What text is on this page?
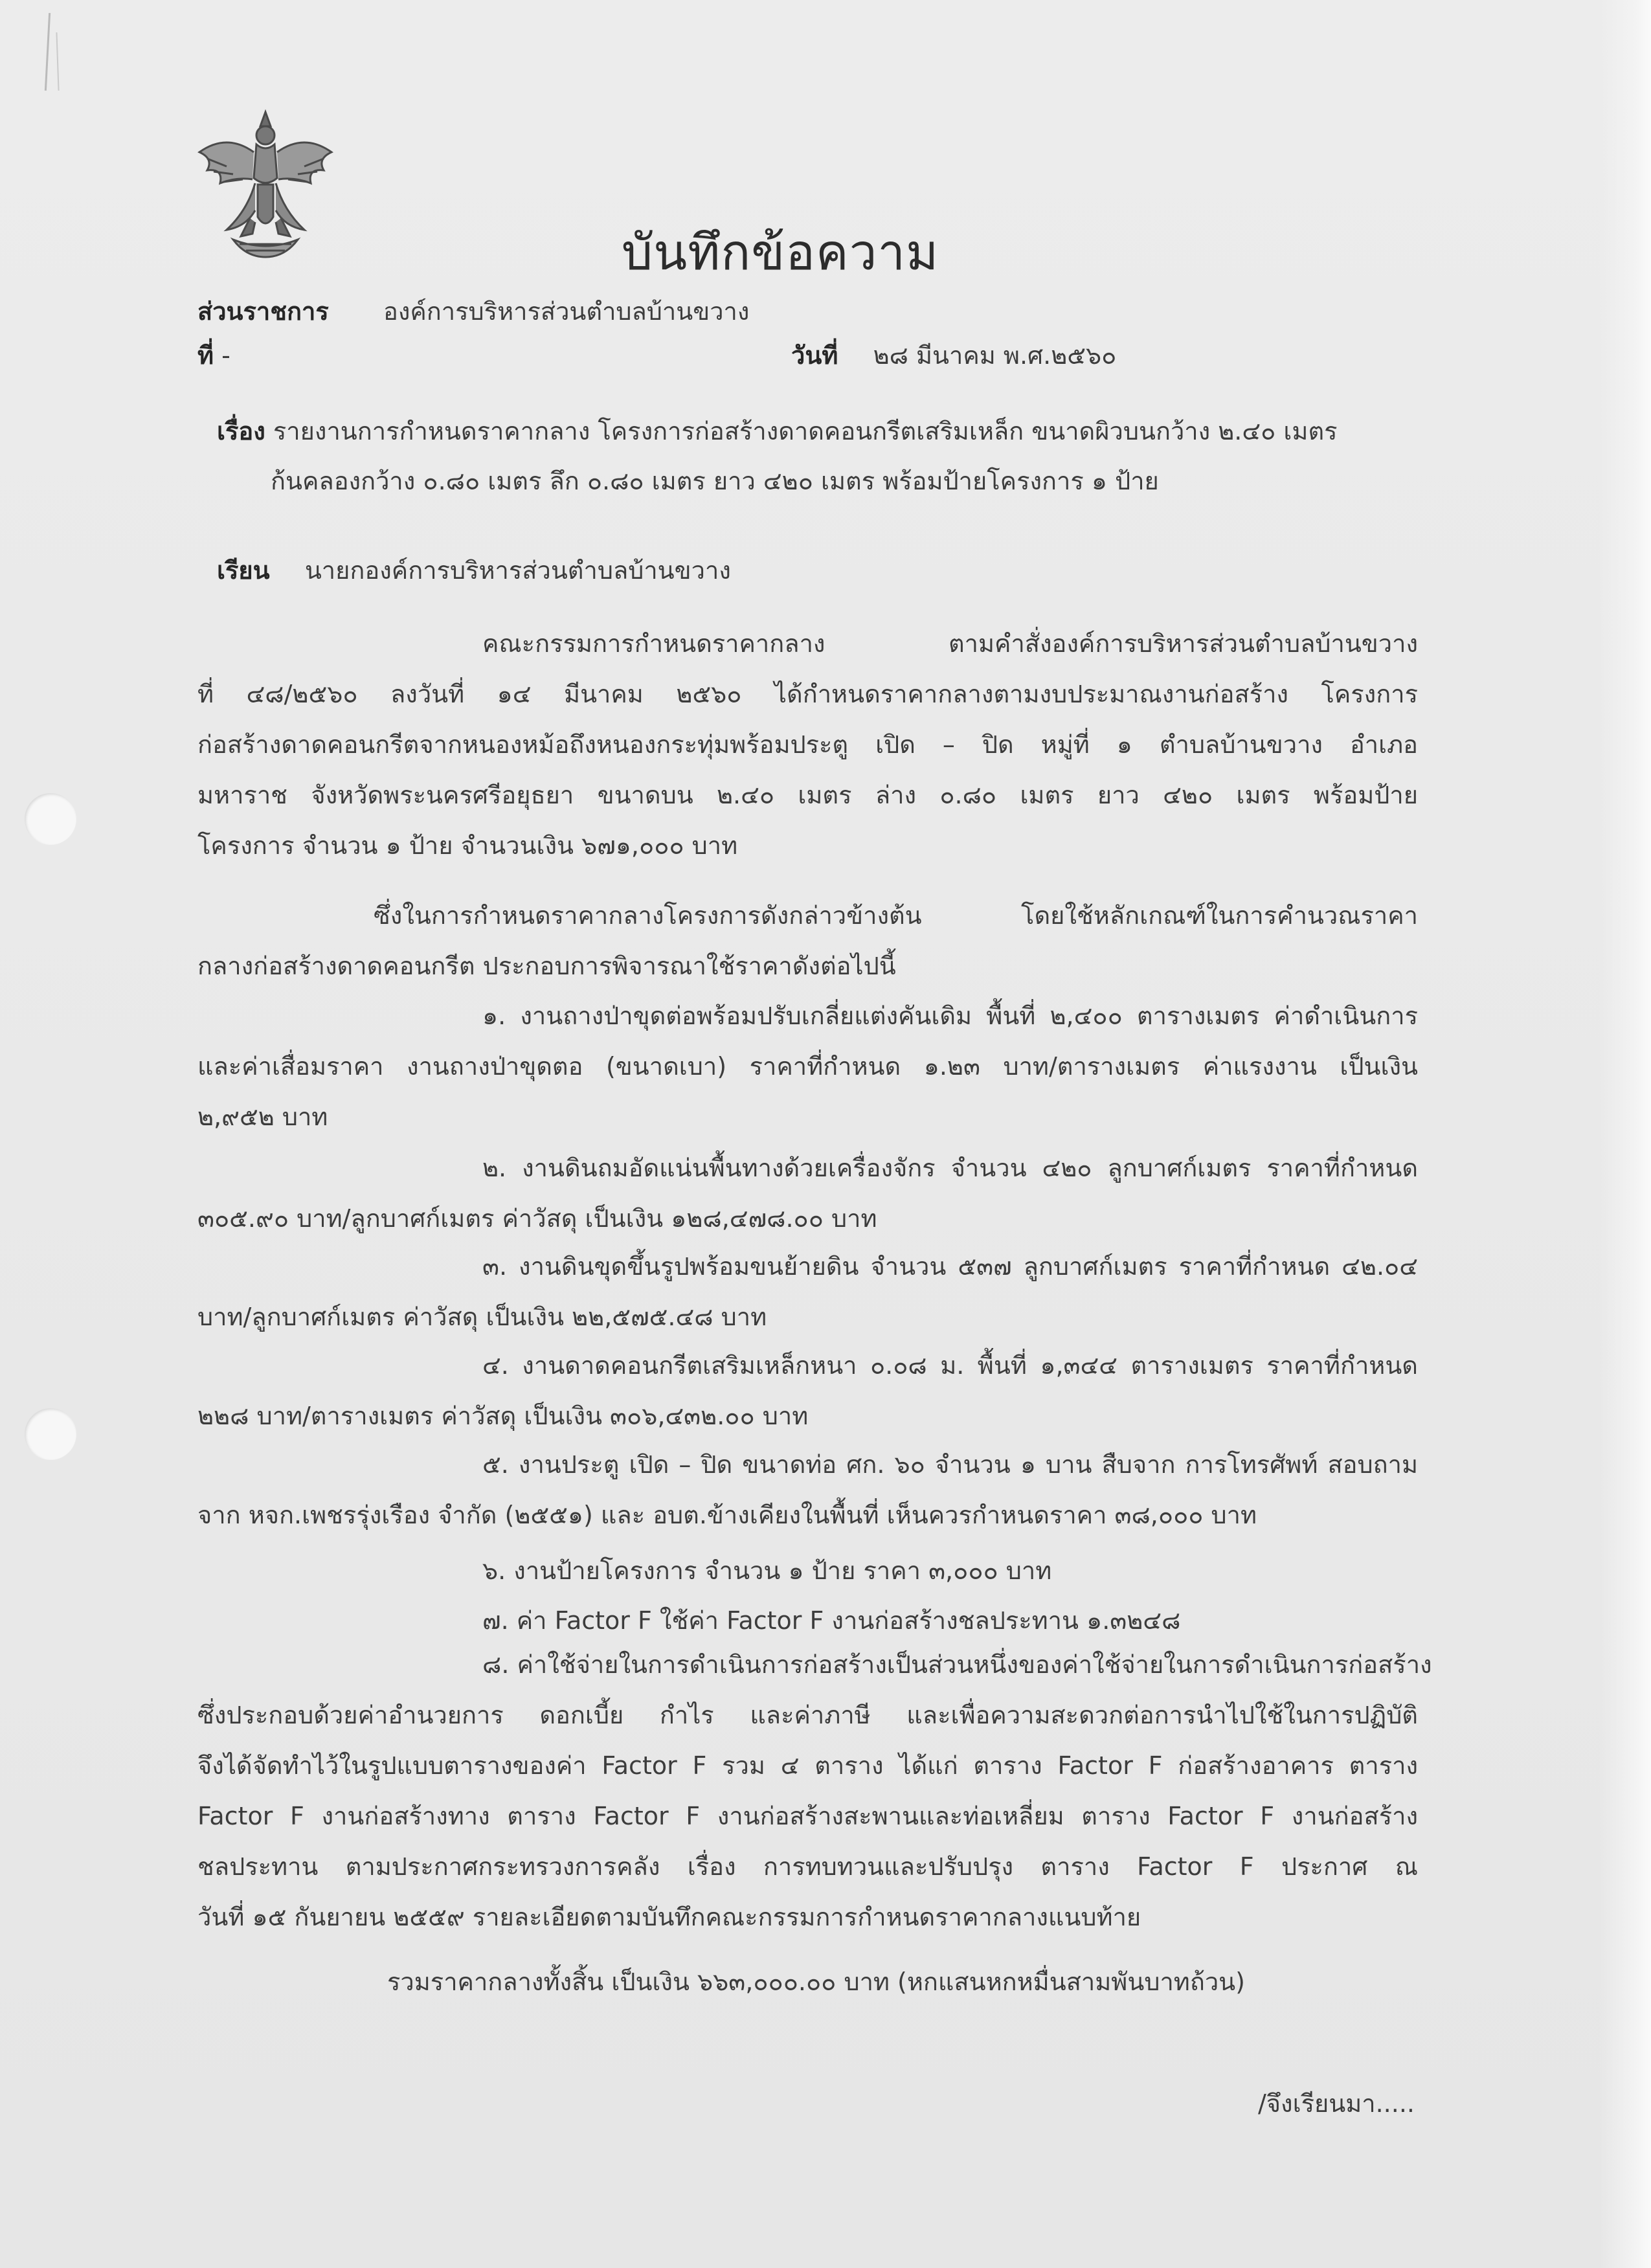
บันทึกข้อความ
ส่วนราชการ องค์การบริหารส่วนตำบลบ้านขวาง
ที่ -	วันที่ ๒๘ มีนาคม พ.ศ.๒๕๖๐
เรื่อง รายงานการกำหนดราคากลาง โครงการก่อสร้างดาดคอนกรีตเสริมเหล็ก ขนาดผิวบนกว้าง ๒.๔๐ เมตร
ก้นคลองกว้าง ๐.๘๐ เมตร ลึก ๐.๘๐ เมตร ยาว ๔๒๐ เมตร พร้อมป้ายโครงการ ๑ ป้าย
เรียน นายกองค์การบริหารส่วนตำบลบ้านขวาง

คณะกรรมการกำหนดราคากลาง ตามคำสั่งองค์การบริหารส่วนตำบลบ้านขวาง

ที่ ๔๘/๒๕๖๐ ลงวันที่ ๑๔ มีนาคม ๒๕๖๐ ได้กำหนดราคากลางตามงบประมาณงานก่อสร้าง โครงการ

ก่อสร้างดาดคอนกรีตจากหนองหม้อถึงหนองกระทุ่มพร้อมประตู เปิด – ปิด หมู่ที่ ๑ ตำบลบ้านขวาง อำเภอ

มหาราช จังหวัดพระนครศรีอยุธยา ขนาดบน ๒.๔๐ เมตร ล่าง ๐.๘๐ เมตร ยาว ๔๒๐ เมตร พร้อมป้าย

โครงการ จำนวน ๑ ป้าย จำนวนเงิน ๖๗๑,๐๐๐ บาท

ซึ่งในการกำหนดราคากลางโครงการดังกล่าวข้างต้น โดยใช้หลักเกณฑ์ในการคำนวณราคา

กลางก่อสร้างดาดคอนกรีต ประกอบการพิจารณาใช้ราคาดังต่อไปนี้

๑. งานถางป่าขุดต่อพร้อมปรับเกลี่ยแต่งคันเดิม พื้นที่ ๒,๔๐๐ ตารางเมตร ค่าดำเนินการ

และค่าเสื่อมราคา งานถางป่าขุดตอ (ขนาดเบา) ราคาที่กำหนด ๑.๒๓ บาท/ตารางเมตร ค่าแรงงาน เป็นเงิน

๒,๙๕๒ บาท

๒. งานดินถมอัดแน่นพื้นทางด้วยเครื่องจักร จำนวน ๔๒๐ ลูกบาศก์เมตร ราคาที่กำหนด

๓๐๕.๙๐ บาท/ลูกบาศก์เมตร ค่าวัสดุ เป็นเงิน ๑๒๘,๔๗๘.๐๐ บาท

๓. งานดินขุดขึ้นรูปพร้อมขนย้ายดิน จำนวน ๕๓๗ ลูกบาศก์เมตร ราคาที่กำหนด ๔๒.๐๔

บาท/ลูกบาศก์เมตร ค่าวัสดุ เป็นเงิน ๒๒,๕๗๕.๔๘ บาท

๔. งานดาดคอนกรีตเสริมเหล็กหนา ๐.๐๘ ม. พื้นที่ ๑,๓๔๔ ตารางเมตร ราคาที่กำหนด

๒๒๘ บาท/ตารางเมตร ค่าวัสดุ เป็นเงิน ๓๐๖,๔๓๒.๐๐ บาท

๕. งานประตู เปิด – ปิด ขนาดท่อ ศก. ๖๐ จำนวน ๑ บาน สืบจาก การโทรศัพท์ สอบถาม

จาก หจก.เพชรรุ่งเรือง จำกัด (๒๕๕๑) และ อบต.ข้างเคียงในพื้นที่ เห็นควรกำหนดราคา ๓๘,๐๐๐ บาท

๖. งานป้ายโครงการ จำนวน ๑ ป้าย ราคา ๓,๐๐๐ บาท
๗. ค่า Factor F ใช้ค่า Factor F งานก่อสร้างชลประทาน ๑.๓๒๔๘

๘. ค่าใช้จ่ายในการดำเนินการก่อสร้างเป็นส่วนหนึ่งของค่าใช้จ่ายในการดำเนินการก่อสร้าง

ซึ่งประกอบด้วยค่าอำนวยการ ดอกเบี้ย กำไร และค่าภาษี และเพื่อความสะดวกต่อการนำไปใช้ในการปฏิบัติ

จึงได้จัดทำไว้ในรูปแบบตารางของค่า Factor F รวม ๔ ตาราง ได้แก่ ตาราง Factor F ก่อสร้างอาคาร ตาราง

Factor F งานก่อสร้างทาง ตาราง Factor F งานก่อสร้างสะพานและท่อเหลี่ยม ตาราง Factor F งานก่อสร้าง

ชลประทาน ตามประกาศกระทรวงการคลัง เรื่อง การทบทวนและปรับปรุง ตาราง Factor F ประกาศ ณ

วันที่ ๑๕ กันยายน ๒๕๕๙ รายละเอียดตามบันทึกคณะกรรมการกำหนดราคากลางแนบท้าย

รวมราคากลางทั้งสิ้น เป็นเงิน ๖๖๓,๐๐๐.๐๐ บาท (หกแสนหกหมื่นสามพันบาทถ้วน)
/จึงเรียนมา.....
